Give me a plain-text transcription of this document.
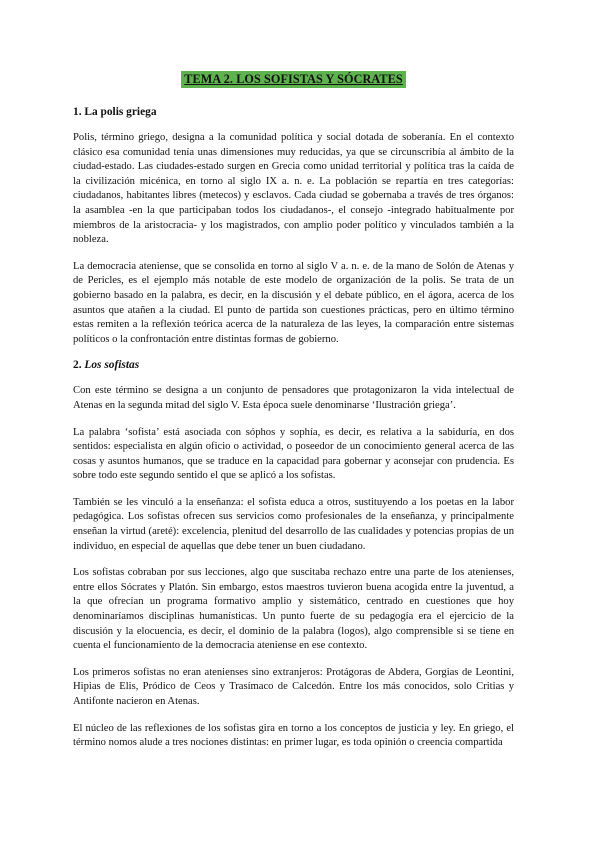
TEMA 2. LOS SOFISTAS Y SÓCRATES
1. La polis griega

Polis, término griego, designa a la comunidad política y social dotada de soberanía. En el contexto clásico esa comunidad tenía unas dimensiones muy reducidas, ya que se circunscribía al ámbito de la ciudad-estado. Las ciudades-estado surgen en Grecia como unidad territorial y política tras la caída de la civilización micénica, en torno al siglo IX a. n. e. La población se repartía en tres categorías: ciudadanos, habitantes libres (metecos) y esclavos. Cada ciudad se gobernaba a través de tres órganos: la asamblea -en la que participaban todos los ciudadanos-, el consejo -integrado habitualmente por miembros de la aristocracia- y los magistrados, con amplio poder político y vinculados también a la nobleza.

La democracia ateniense, que se consolida en torno al siglo V a. n. e. de la mano de Solón de Atenas y de Pericles, es el ejemplo más notable de este modelo de organización de la polis. Se trata de un gobierno basado en la palabra, es decir, en la discusión y el debate público, en el ágora, acerca de los asuntos que atañen a la ciudad. El punto de partida son cuestiones prácticas, pero en último término estas remiten a la reflexión teórica acerca de la naturaleza de las leyes, la comparación entre sistemas políticos o la confrontación entre distintas formas de gobierno.

2. Los sofistas

Con este término se designa a un conjunto de pensadores que protagonizaron la vida intelectual de Atenas en la segunda mitad del siglo V. Esta época suele denominarse ‘Ilustración griega’.

La palabra ‘sofista’ está asociada con sóphos y sophía, es decir, es relativa a la sabiduría, en dos sentidos: especialista en algún oficio o actividad, o poseedor de un conocimiento general acerca de las cosas y asuntos humanos, que se traduce en la capacidad para gobernar y aconsejar con prudencia. Es sobre todo este segundo sentido el que se aplicó a los sofistas.

También se les vinculó a la enseñanza: el sofista educa a otros, sustituyendo a los poetas en la labor pedagógica. Los sofistas ofrecen sus servicios como profesionales de la enseñanza, y principalmente enseñan la virtud (areté): excelencia, plenitud del desarrollo de las cualidades y potencias propias de un individuo, en especial de aquellas que debe tener un buen ciudadano.

Los sofistas cobraban por sus lecciones, algo que suscitaba rechazo entre una parte de los atenienses, entre ellos Sócrates y Platón. Sin embargo, estos maestros tuvieron buena acogida entre la juventud, a la que ofrecían un programa formativo amplio y sistemático, centrado en cuestiones que hoy denominaríamos disciplinas humanísticas. Un punto fuerte de su pedagogía era el ejercicio de la discusión y la elocuencia, es decir, el dominio de la palabra (logos), algo comprensible si se tiene en cuenta el funcionamiento de la democracia ateniense en ese contexto.

Los primeros sofistas no eran atenienses sino extranjeros: Protágoras de Abdera, Gorgias de Leontini, Hipias de Elis, Pródico de Ceos y Trasímaco de Calcedón. Entre los más conocidos, solo Critias y Antifonte nacieron en Atenas.

El núcleo de las reflexiones de los sofistas gira en torno a los conceptos de justicia y ley. En griego, el término nomos alude a tres nociones distintas: en primer lugar, es toda opinión o creencia compartida
